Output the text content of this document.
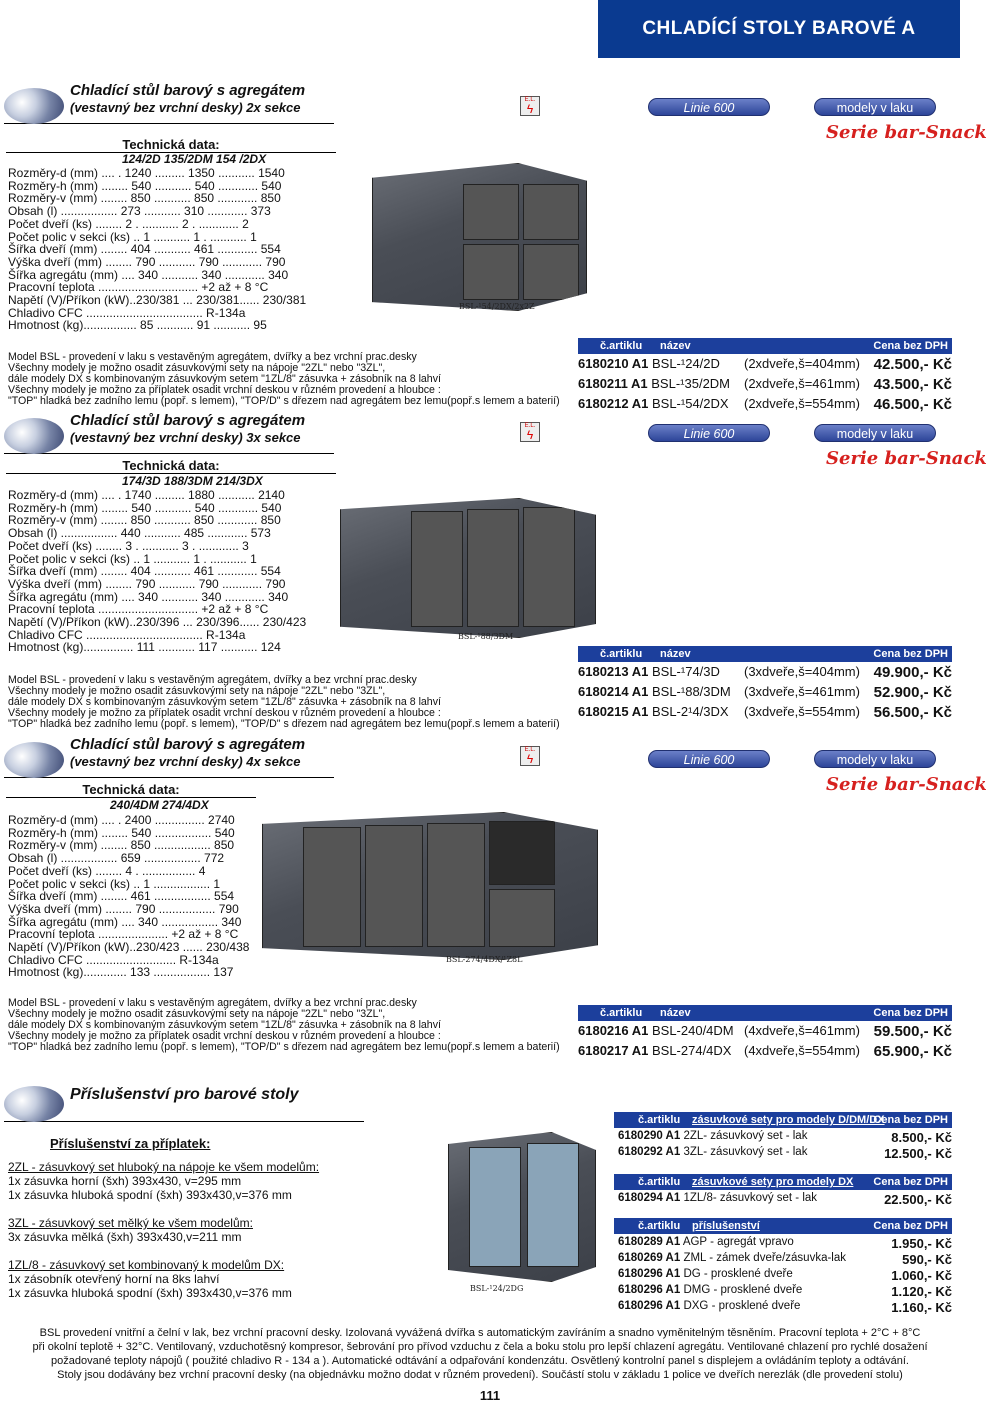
CHLADÍCÍ STOLY BAROVÉ A VÝČEPNÍ
Chladící stůl barový s agregátem
(vestavný bez vrchní desky) 2x sekce
Technická data:
124/2D 135/2DM 154 /2DX
Rozměry-d (mm) .... . 1240 ......... 1350 ........... 1540
Rozměry-h (mm) ........ 540 ........... 540 ............ 540
Rozměry-v (mm) ........ 850 ........... 850 ............ 850
Obsah (l) ................. 273 ........... 310 ............ 373
Počet dveří (ks) ........ 2 . ........... 2 . ............ 2
Počet polic v sekci (ks) .. 1 ........... 1 . ........... 1
Šířka dveří (mm) ........ 404 ........... 461 ............ 554
Výška dveří (mm) ........ 790 ........... 790 ............ 790
Šířka agregátu (mm) .... 340 ........... 340 ............ 340
Pracovní teplota .............................. +2 až + 8 °C
Napětí (V)/Příkon (kW)..230/381 ... 230/381...... 230/381
Chladivo CFC ................................... R-134a
Hmotnost (kg)................ 85 ........... 91 ........... 95
Model BSL - provedení v laku s vestavěným agregátem, dvířky a bez vrchní prac.desky
Všechny modely je možno osadit zásuvkovými sety na nápoje "2ZL" nebo "3ZL",
dále modely DX s kombinovaným zásuvkovým setem "1ZL/8" zásuvka + zásobník na 8 lahví
Všechny modely je možno za příplatek osadit vrchní deskou v různém provedení a hloubce :
"TOP" hladká bez zadního lemu (popř. s lemem), "TOP/D" s dřezem nad agregátem bez lemu(popř.s lemem a baterií)
E.L.
ϟ
BSL-¹54/2DX/2x2Z
Linie 600	modely v laku
Serie bar-Snack
č.artiklu název	Cena bez DPH
6180210 A1 BSL-¹24/2D (2xdveře,š=404mm) 42.500,- Kč
6180211 A1 BSL-¹35/2DM (2xdveře,š=461mm) 43.500,- Kč
6180212 A1 BSL-¹54/2DX (2xdveře,š=554mm) 46.500,- Kč
Chladící stůl barový s agregátem
(vestavný bez vrchní desky) 3x sekce
Technická data:
174/3D 188/3DM 214/3DX
Rozměry-d (mm) .... . 1740 ......... 1880 ........... 2140
Rozměry-h (mm) ........ 540 ........... 540 ............ 540
Rozměry-v (mm) ........ 850 ........... 850 ............ 850
Obsah (l) ................. 440 ........... 485 ............ 573
Počet dveří (ks) ........ 3 . ........... 3 . ............ 3
Počet polic v sekci (ks) .. 1 ........... 1 . ........... 1
Šířka dveří (mm) ........ 404 ........... 461 ............ 554
Výška dveří (mm) ........ 790 ........... 790 ............ 790
Šířka agregátu (mm) .... 340 ........... 340 ............ 340
Pracovní teplota .............................. +2 až + 8 °C
Napětí (V)/Příkon (kW)..230/396 ... 230/396...... 230/423
Chladivo CFC ................................... R-134a
Hmotnost (kg)............... 111 ........... 117 ........... 124
Model BSL - provedení v laku s vestavěným agregátem, dvířky a bez vrchní prac.desky
Všechny modely je možno osadit zásuvkovými sety na nápoje "2ZL" nebo "3ZL",
dále modely DX s kombinovaným zásuvkovým setem "1ZL/8" zásuvka + zásobník na 8 lahví
Všechny modely je možno za příplatek osadit vrchní deskou v různém provedení a hloubce :
"TOP" hladká bez zadního lemu (popř. s lemem), "TOP/D" s dřezem nad agregátem bez lemu(popř.s lemem a baterií)
E.L.
ϟ
BSL-¹88/3DM
Linie 600	modely v laku
Serie bar-Snack
č.artiklu název	Cena bez DPH
6180213 A1 BSL-¹74/3D (3xdveře,š=404mm) 49.900,- Kč
6180214 A1 BSL-¹88/3DM (3xdveře,š=461mm) 52.900,- Kč
6180215 A1 BSL-2¹4/3DX (3xdveře,š=554mm) 56.500,- Kč
Chladící stůl barový s agregátem
(vestavný bez vrchní desky) 4x sekce
Technická data:
240/4DM 274/4DX
Rozměry-d (mm) .... . 2400 ............... 2740
Rozměry-h (mm) ........ 540 ................. 540
Rozměry-v (mm) ........ 850 ................. 850
Obsah (l) ................. 659 ................. 772
Počet dveří (ks) ........ 4 . ................ 4
Počet polic v sekci (ks) .. 1 ................. 1
Šířka dveří (mm) ........ 461 ................. 554
Výška dveří (mm) ........ 790 ................. 790
Šířka agregátu (mm) .... 340 ................. 340
Pracovní teplota ..................... +2 až + 8 °C
Napětí (V)/Příkon (kW)..230/423 ...... 230/438
Chladivo CFC ........................... R-134a
Hmotnost (kg)............. 133 ................. 137
Model BSL - provedení v laku s vestavěným agregátem, dvířky a bez vrchní prac.desky
Všechny modely je možno osadit zásuvkovými sety na nápoje "2ZL" nebo "3ZL",
dále modely DX s kombinovaným zásuvkovým setem "1ZL/8" zásuvka + zásobník na 8 lahví
Všechny modely je možno za příplatek osadit vrchní deskou v různém provedení a hloubce :
"TOP" hladká bez zadního lemu (popř. s lemem), "TOP/D" s dřezem nad agregátem bez lemu(popř.s lemem a baterií)
E.L.
ϟ
BSL-274/4DX/¹Z8L
Linie 600	modely v laku
Serie bar-Snack
č.artiklu název	Cena bez DPH
6180216 A1 BSL-240/4DM (4xdveře,š=461mm) 59.500,- Kč
6180217 A1 BSL-274/4DX (4xdveře,š=554mm) 65.900,- Kč
Příslušenství pro barové stoly
Příslušenství za příplatek:
2ZL - zásuvkový set hluboký na nápoje ke všem modelům:
1x zásuvka horní (šxh) 393x430, v=295 mm
1x zásuvka hluboká spodní (šxh) 393x430,v=376 mm
3ZL - zásuvkový set mělký ke všem modelům:
3x zásuvka mělká (šxh) 393x430,v=211 mm
1ZL/8 - zásuvkový set kombinovaný k modelům DX:
1x zásobník otevřený horní na 8ks lahví
1x zásuvka hluboká spodní (šxh) 393x430,v=376 mm	BSL-¹24/2DG
č.artiklu zásuvkové sety pro modely D/DM/DX
Cena bez DPH
6180290 A1 2ZL- zásuvkový set - lak	8.500,- Kč
6180292 A1 3ZL- zásuvkový set - lak	12.500,- Kč
č.artiklu zásuvkové sety pro modely DX Cena bez DPH
6180294 A1 1ZL/8- zásuvkový set - lak	22.500,- Kč
č.artiklu příslušenství	Cena bez DPH
6180289 A1 AGP - agregát vpravo	1.950,- Kč
6180269 A1 ZML - zámek dveře/zásuvka-lak	590,- Kč
6180296 A1 DG - prosklené dveře	1.060,- Kč
6180296 A1 DMG - prosklené dveře	1.120,- Kč
6180296 A1 DXG - prosklené dveře	1.160,- Kč
BSL provedení vnitřní a čelní v lak, bez vrchní pracovní desky. Izolovaná vyvážená dvířka s automatickým zavíráním a snadno vyměnitelným těsněním. Pracovní teplota + 2°C + 8°C
při okolní teplotě + 32°C. Ventilovaný, vzduchotěsný kompresor, šebrování pro přívod vzduchu z čela a boku stolu pro lepší chlazení agregátu. Ventilované chlazení pro rychlé dosažení
požadované teploty nápojů ( použité chladivo R - 134 a ). Automatické odtávání a odpařování kondenzátu. Osvětlený kontrolní panel s displejem a ovládáním teploty a odtávání.
Stoly jsou dodávány bez vrchní pracovní desky (na objednávku možno dodat v různém provedení). Součástí stolu v základu 1 police ve dveřích nerezlák (dle provedení stolu)
111
